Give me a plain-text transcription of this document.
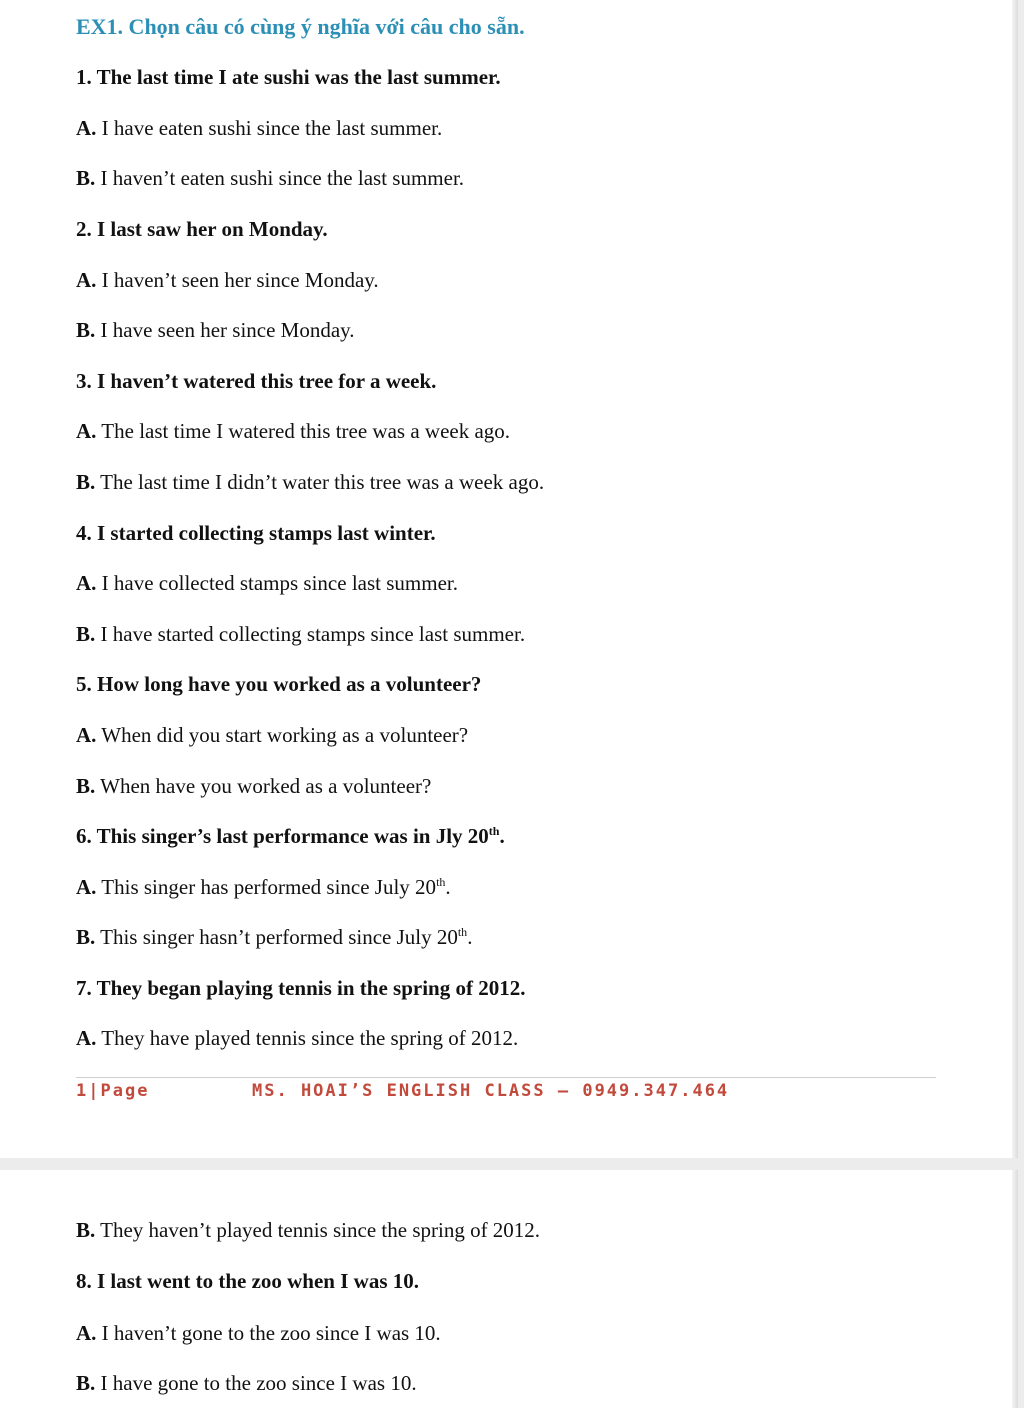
EX1. Chọn câu có cùng ý nghĩa với câu cho sẵn.
1. The last time I ate sushi was the last summer.
A. I have eaten sushi since the last summer.
B. I haven’t eaten sushi since the last summer.
2. I last saw her on Monday.
A. I haven’t seen her since Monday.
B. I have seen her since Monday.
3. I haven’t watered this tree for a week.
A. The last time I watered this tree was a week ago.
B. The last time I didn’t water this tree was a week ago.
4. I started collecting stamps last winter.
A. I have collected stamps since last summer.
B. I have started collecting stamps since last summer.
5. How long have you worked as a volunteer?
A. When did you start working as a volunteer?
B. When have you worked as a volunteer?
6. This singer’s last performance was in Jly 20th.
A. This singer has performed since July 20th.
B. This singer hasn’t performed since July 20th.
7. They began playing tennis in the spring of 2012.
A. They have played tennis since the spring of 2012.
1|Page	MS. HOAI’S ENGLISH CLASS – 0949.347.464
B. They haven’t played tennis since the spring of 2012.
8. I last went to the zoo when I was 10.
A. I haven’t gone to the zoo since I was 10.
B. I have gone to the zoo since I was 10.
